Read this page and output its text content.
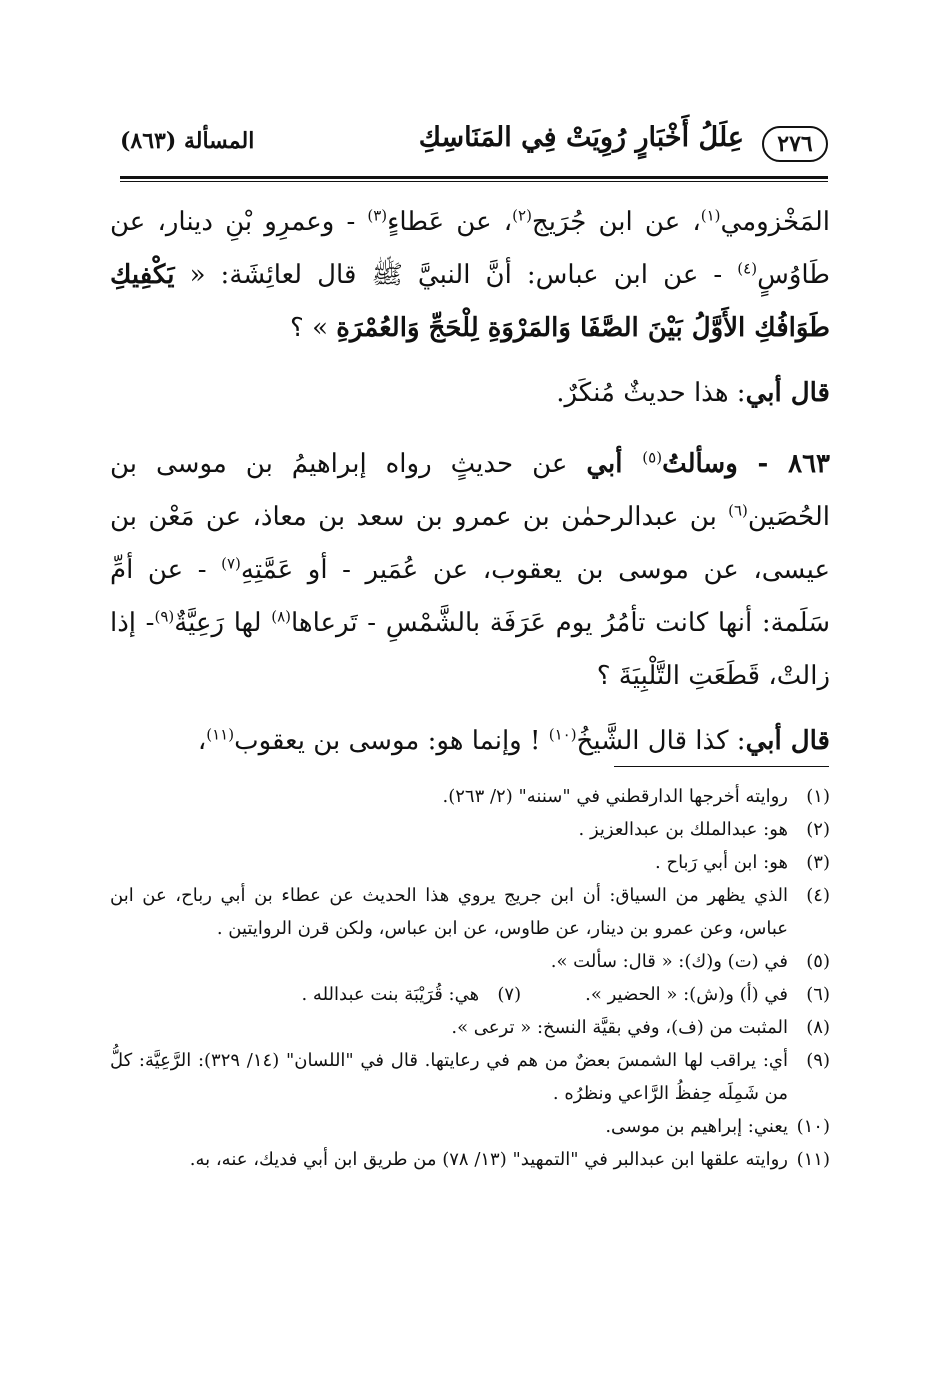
٢٧٦
عِلَلُ أَخْبَارٍ رُوِيَتْ فِي المَنَاسِكِ
المسألة (٨٦٣)

المَخْزومي$^{(١)}$، عن ابن جُرَيج$^{(٢)}$، عن عَطاءٍ$^{(٣)}$ - وعمرِو بْنِ دينار، عن طَاوُسٍ$^{(٤)}$ - عن ابن عباس: أنَّ النبيَّ ﷺ قال لعائِشَة: « يَكْفِيكِ طَوَافُكِ الأَوَّلُ بَيْنَ الصَّفَا وَالمَرْوَةِ لِلْحَجِّ وَالعُمْرَةِ » ؟

قال أبي: هذا حديثٌ مُنكَرٌ.

٨٦٣ - وسألتُ$^{(٥)}$ أبي عن حديثٍ رواه إبراهيمُ بن موسى بن الحُصَين$^{(٦)}$ بن عبدالرحمٰن بن عمرو بن سعد بن معاذ، عن مَعْن بن عيسى، عن موسى بن يعقوب، عن عُمَير - أو عَمَّتِهِ$^{(٧)}$ - عن أمِّ سَلَمة: أنها كانت تأمُرُ يوم عَرَفَة بالشَّمْسِ - تَرعاها$^{(٨)}$ لها رَعِيَّةٌ$^{(٩)}$- إذا زالتْ، قَطَعَتِ التَّلْبِيَةَ ؟

قال أبي: كذا قال الشَّيخُ$^{(١٠)}$ ! وإنما هو: موسى بن يعقوب$^{(١١)}$،

(١)
روايته أخرجها الدارقطني في "سننه" (٢/ ٢٦٣).
(٢)
هو: عبدالملك بن عبدالعزيز .
(٣)
هو: ابن أبي رَباح .
(٤)
الذي يظهر من السياق: أن ابن جريج يروي هذا الحديث عن عطاء بن أبي رباح، عن ابن عباس، وعن عمرو بن دينار، عن طاوس، عن ابن عباس، ولكن قرن الروايتين .
(٥)
في (ت) و(ك): « قال: سألت ».
(٦)
في (أ) و(ش): « الحضير ».
(٧)
هي: قُرَيْبَة بنت عبدالله .
(٨)
المثبت من (ف)، وفي بقيَّة النسخ: « ترعى ».
(٩)
أي: يراقب لها الشمسَ بعضٌ من هم في رعايتها. قال في "اللسان" (١٤/ ٣٢٩): الرَّعِيَّة: كلُّ من شَمِلَه حِفظُ الرَّاعي ونظرُه .
(١٠)
يعني: إبراهيم بن موسى.
(١١)
روايته علقها ابن عبدالبر في "التمهيد" (١٣/ ٧٨) من طريق ابن أبي فديك، عنه، به.
